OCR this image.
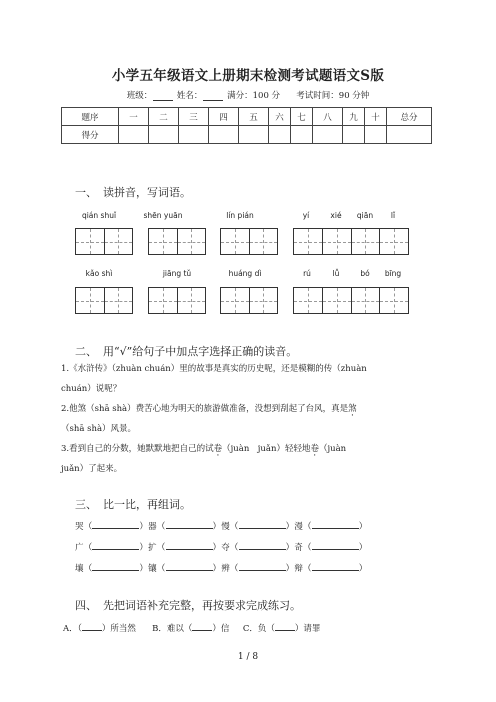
小学五年级语文上册期末检测考试题语文S版
班级：	姓名：	满分：100 分 考试时间：90 分钟
题序	一	二	三	四	五	六	七	八	九	十	总分
得分											
一、 读拼音，写词语。
qián shuǐ	shēn yuān	lín pián	yí	xié	qiān	lǐ
kǎo shì	jiāng tǔ	huáng dì	rú	lǚ	bó	bīng
二、 用“√”给句子中加点字选择正确的读音。
1.《水浒传》（zhuàn chuán）里的故事是真实的历史呢，还是模糊的传（zhuàn
chuán）说呢？
2.他煞（shā shà）费苦心地为明天的旅游做准备，没想到刮起了台风，真是煞
（shā shà）风景。
3.看到自己的分数，她默默地把自己的试卷（juàn　juǎn）轻轻地卷（juàn
juǎn）了起来。
三、 比一比，再组词。
哭（	）器（	）慢（	）漫（	）
广（	）扩（	）夺（	）奇（	）
壤（	）镶（	）辨（	）辩（	）
四、 先把词语补充完整，再按要求完成练习。
A．（ ）所当然 B．难以（ ）信 C．负（ ）请罪
1 / 8
